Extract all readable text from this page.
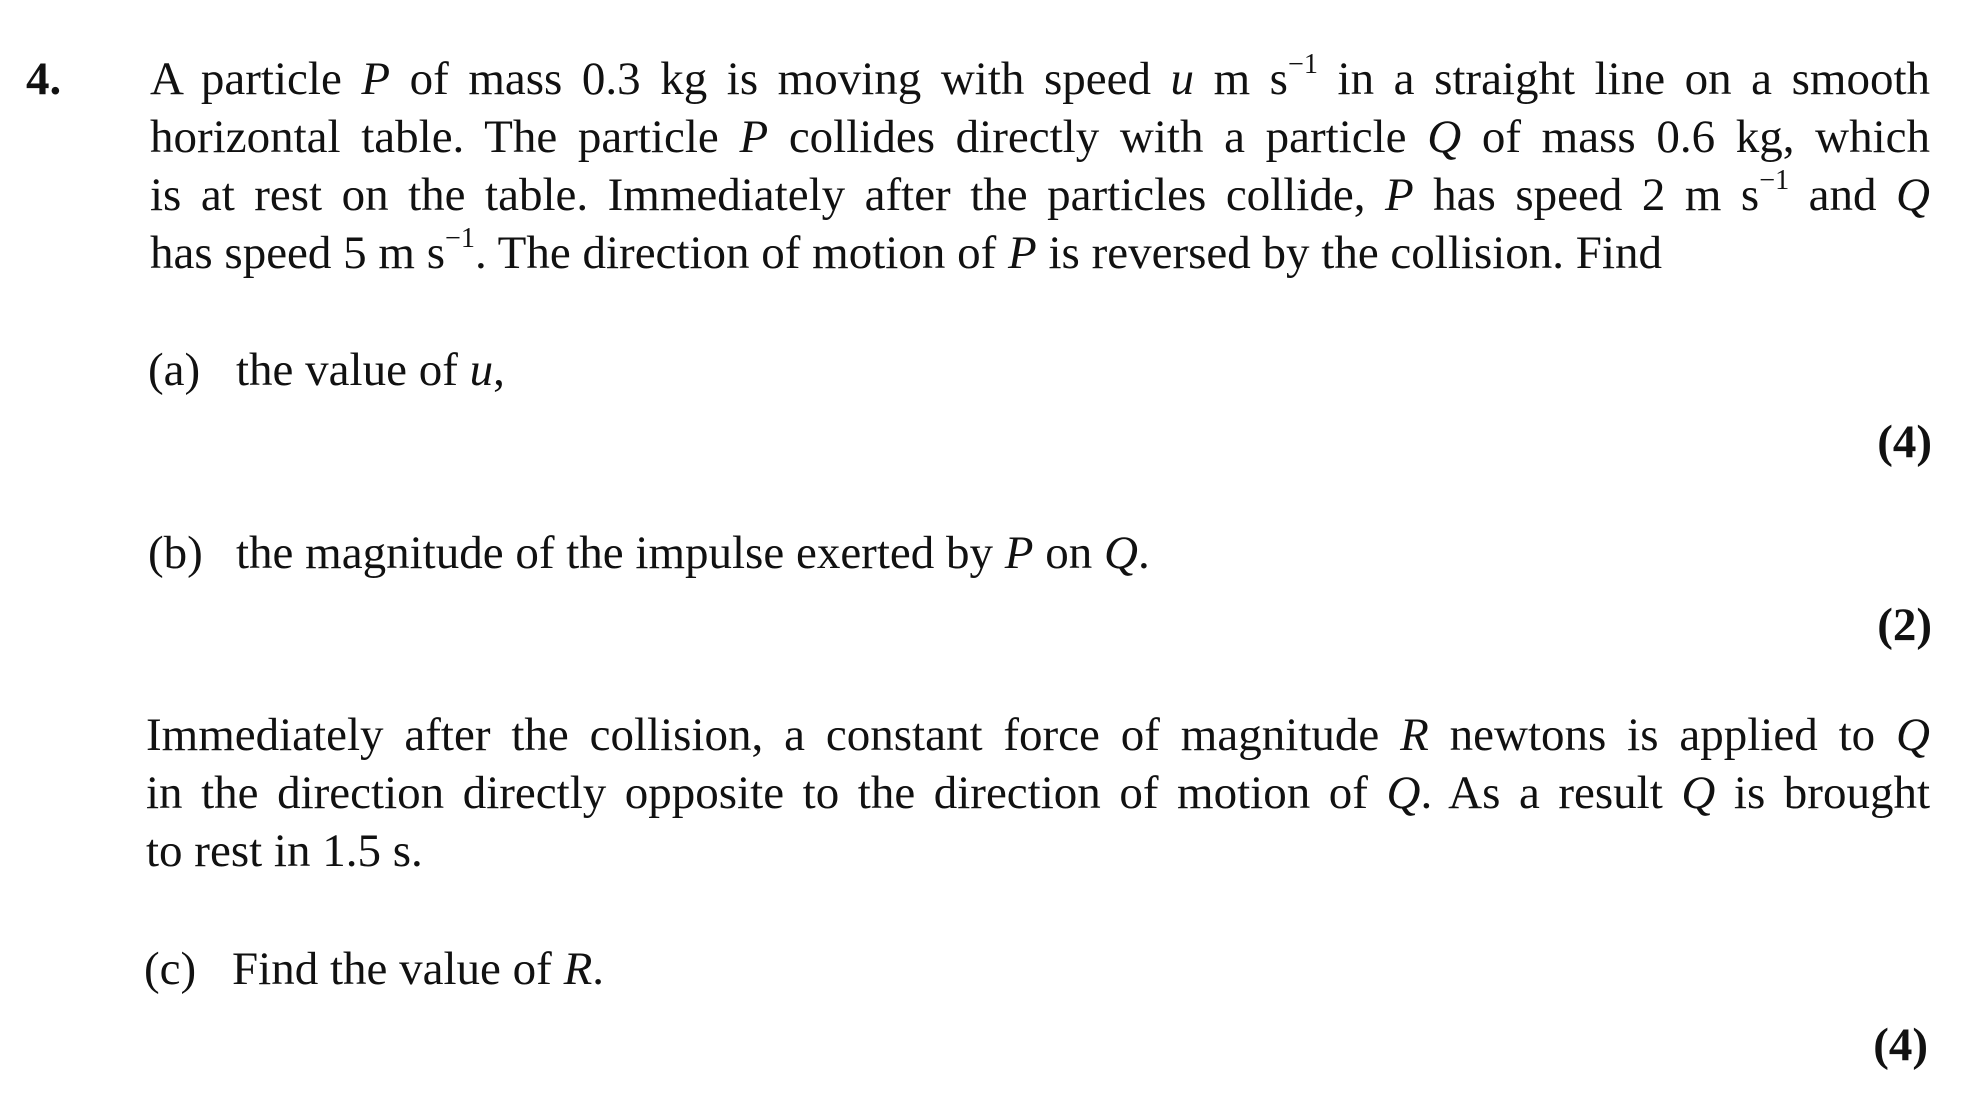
4. A particle P of mass 0.3 kg is moving with speed u m $s^{-1}$ in a straight line on a smooth
horizontal table. The particle P collides directly with a particle Q of mass 0.6 kg, which
is at rest on the table. Immediately after the particles collide, P has speed 2 m $s^{-1}$ and Q
has speed 5 m $s^{-1}$. The direction of motion of P is reversed by the collision. Find
(a) the value of u,
(4)
(b) the magnitude of the impulse exerted by P on Q.
(2)
Immediately after the collision, a constant force of magnitude R newtons is applied to Q
in the direction directly opposite to the direction of motion of Q. As a result Q is brought
to rest in 1.5 s.
(c) Find the value of R.
(4)
